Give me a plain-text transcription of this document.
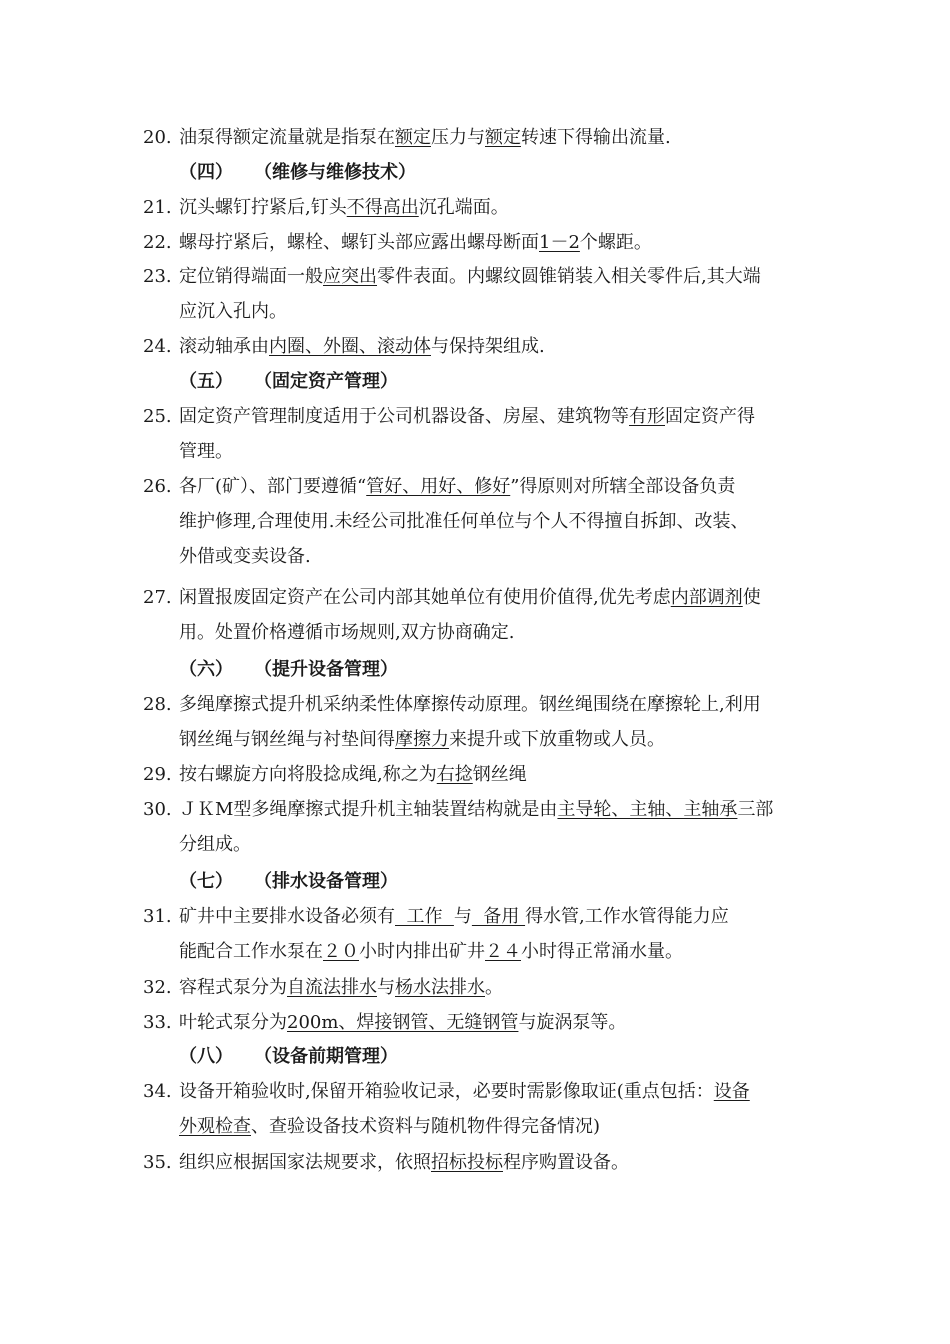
20. 油泵得额定流量就是指泵在额定压力与额定转速下得输出流量.
（四） （维修与维修技术）
21. 沉头螺钉拧紧后,钉头不得高出沉孔端面。
22. 螺母拧紧后，螺栓、螺钉头部应露出螺母断面1－2个螺距。
23. 定位销得端面一般应突出零件表面。内螺纹圆锥销装入相关零件后,其大端
应沉入孔内。
24. 滚动轴承由内圈、外圈、滚动体与保持架组成.
（五） （固定资产管理）
25. 固定资产管理制度适用于公司机器设备、房屋、建筑物等有形固定资产得
管理。
26. 各厂(矿）、部门要遵循“管好、用好、修好”得原则对所辖全部设备负责
维护修理,合理使用.未经公司批准任何单位与个人不得擅自拆卸、改装、
外借或变卖设备.
27. 闲置报废固定资产在公司内部其她单位有使用价值得,优先考虑内部调剂使
用。处置价格遵循市场规则,双方协商确定.
（六） （提升设备管理）
28. 多绳摩擦式提升机采纳柔性体摩擦传动原理。钢丝绳围绕在摩擦轮上,利用
钢丝绳与钢丝绳与衬垫间得摩擦力来提升或下放重物或人员。
29. 按右螺旋方向将股捻成绳,称之为右捻钢丝绳
30. ＪＫM型多绳摩擦式提升机主轴装置结构就是由主导轮、主轴、主轴承三部
分组成。
（七） （排水设备管理）
31. 矿井中主要排水设备必须有  工作  与  备用 得水管,工作水管得能力应
能配合工作水泵在２０小时内排出矿井２４小时得正常涌水量。
32. 容程式泵分为自流法排水与杨水法排水。
33. 叶轮式泵分为200m、焊接钢管、无缝钢管与旋涡泵等。
（八） （设备前期管理）
34. 设备开箱验收时,保留开箱验收记录，必要时需影像取证(重点包括：设备
外观检查、查验设备技术资料与随机物件得完备情况)
35. 组织应根据国家法规要求，依照招标投标程序购置设备。
